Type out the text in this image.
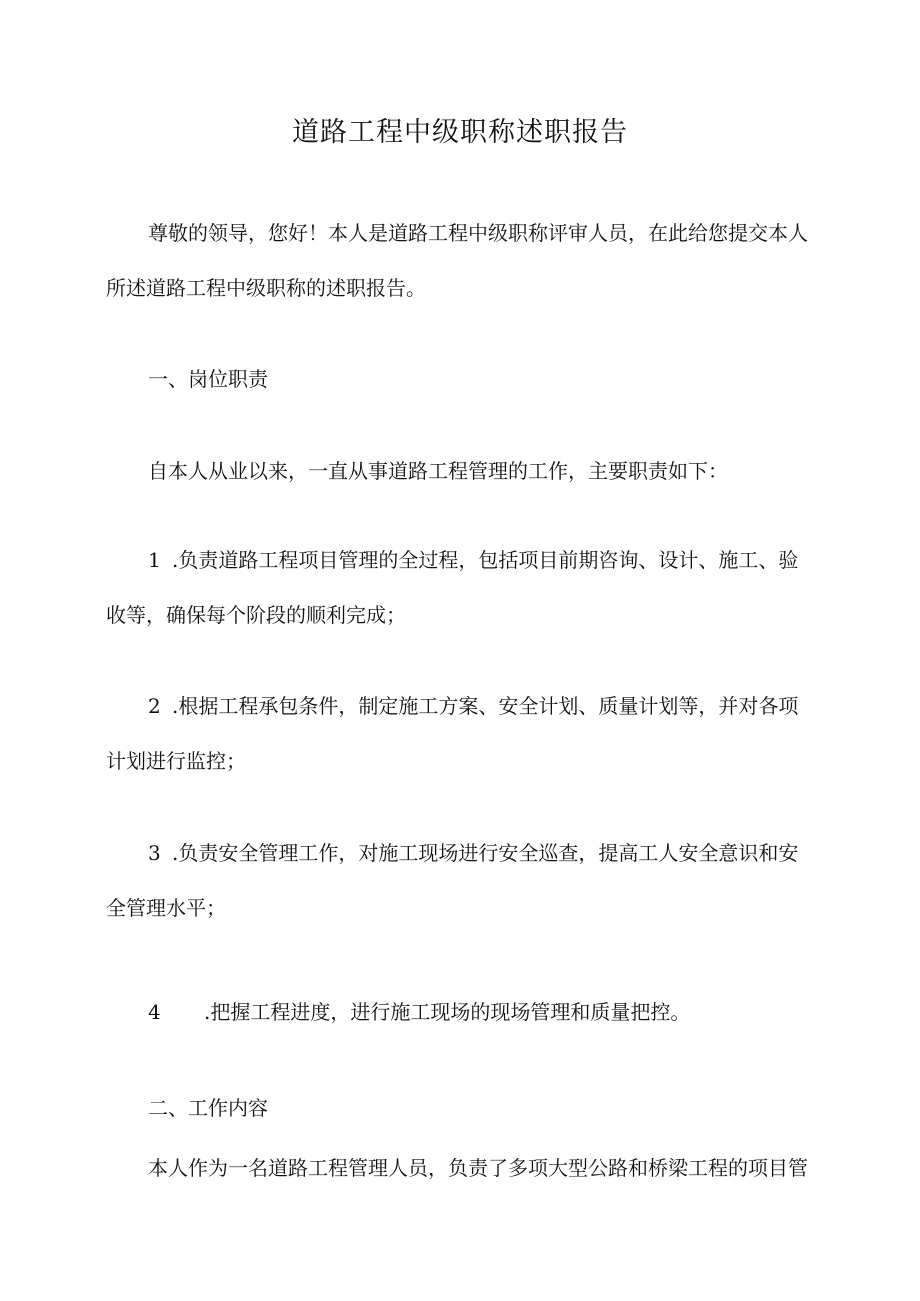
道路工程中级职称述职报告
尊敬的领导，您好！本人是道路工程中级职称评审人员，在此给您提交本人
所述道路工程中级职称的述职报告。
一、岗位职责
自本人从业以来，一直从事道路工程管理的工作，主要职责如下：
1 .负责道路工程项目管理的全过程，包括项目前期咨询、设计、施工、验
收等，确保每个阶段的顺利完成；
2 .根据工程承包条件，制定施工方案、安全计划、质量计划等，并对各项
计划进行监控；
3 .负责安全管理工作，对施工现场进行安全巡查，提高工人安全意识和安
全管理水平；
4 .把握工程进度，进行施工现场的现场管理和质量把控。
二、工作内容
本人作为一名道路工程管理人员，负责了多项大型公路和桥梁工程的项目管
